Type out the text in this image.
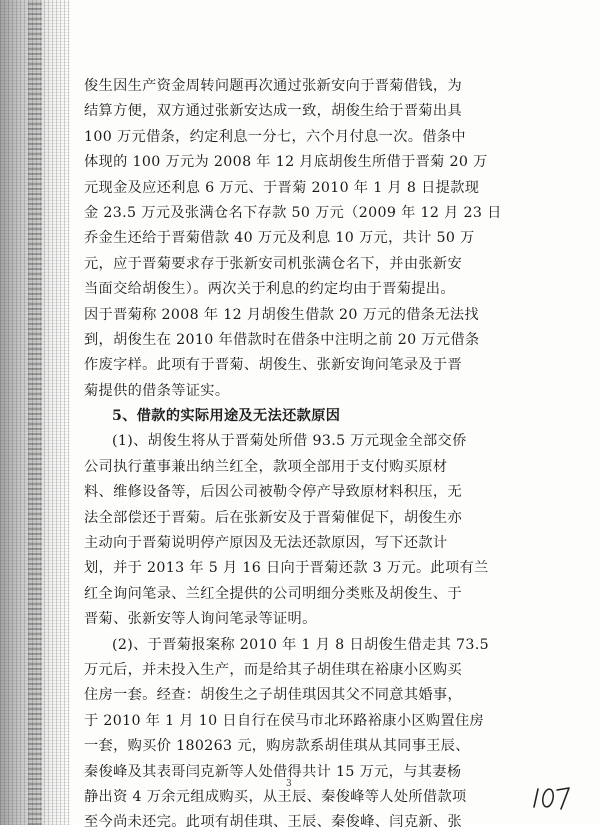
俊生因生产资金周转问题再次通过张新安向于晋菊借钱，为
结算方便，双方通过张新安达成一致，胡俊生给于晋菊出具
100 万元借条，约定利息一分七，六个月付息一次。借条中
体现的 100 万元为 2008 年 12 月底胡俊生所借于晋菊 20 万
元现金及应还利息 6 万元、于晋菊 2010 年 1 月 8 日提款现
金 23.5 万元及张满仓名下存款 50 万元（2009 年 12 月 23 日
乔金生还给于晋菊借款 40 万元及利息 10 万元，共计 50 万
元，应于晋菊要求存于张新安司机张满仓名下，并由张新安
当面交给胡俊生）。两次关于利息的约定均由于晋菊提出。
因于晋菊称 2008 年 12 月胡俊生借款 20 万元的借条无法找
到，胡俊生在 2010 年借款时在借条中注明之前 20 万元借条
作废字样。此项有于晋菊、胡俊生、张新安询问笔录及于晋
菊提供的借条等证实。
5、借款的实际用途及无法还款原因
(1)、胡俊生将从于晋菊处所借 93.5 万元现金全部交侨
公司执行董事兼出纳兰红全，款项全部用于支付购买原材
料、维修设备等，后因公司被勒令停产导致原材料积压，无
法全部偿还于晋菊。后在张新安及于晋菊催促下，胡俊生亦
主动向于晋菊说明停产原因及无法还款原因，写下还款计
划，并于 2013 年 5 月 16 日向于晋菊还款 3 万元。此项有兰
红全询问笔录、兰红全提供的公司明细分类账及胡俊生、于
晋菊、张新安等人询问笔录等证明。
(2)、于晋菊报案称 2010 年 1 月 8 日胡俊生借走其 73.5
万元后，并未投入生产，而是给其子胡佳琪在裕康小区购买
住房一套。经查：胡俊生之子胡佳琪因其父不同意其婚事，
于 2010 年 1 月 10 日自行在侯马市北环路裕康小区购置住房
一套，购买价 180263 元，购房款系胡佳琪从其同事王辰、
秦俊峰及其表哥闫克新等人处借得共计 15 万元，与其妻杨
静出资 4 万余元组成购买，从王辰、秦俊峰等人处所借款项
至今尚未还完。此项有胡佳琪、王辰、秦俊峰、闫克新、张
3
